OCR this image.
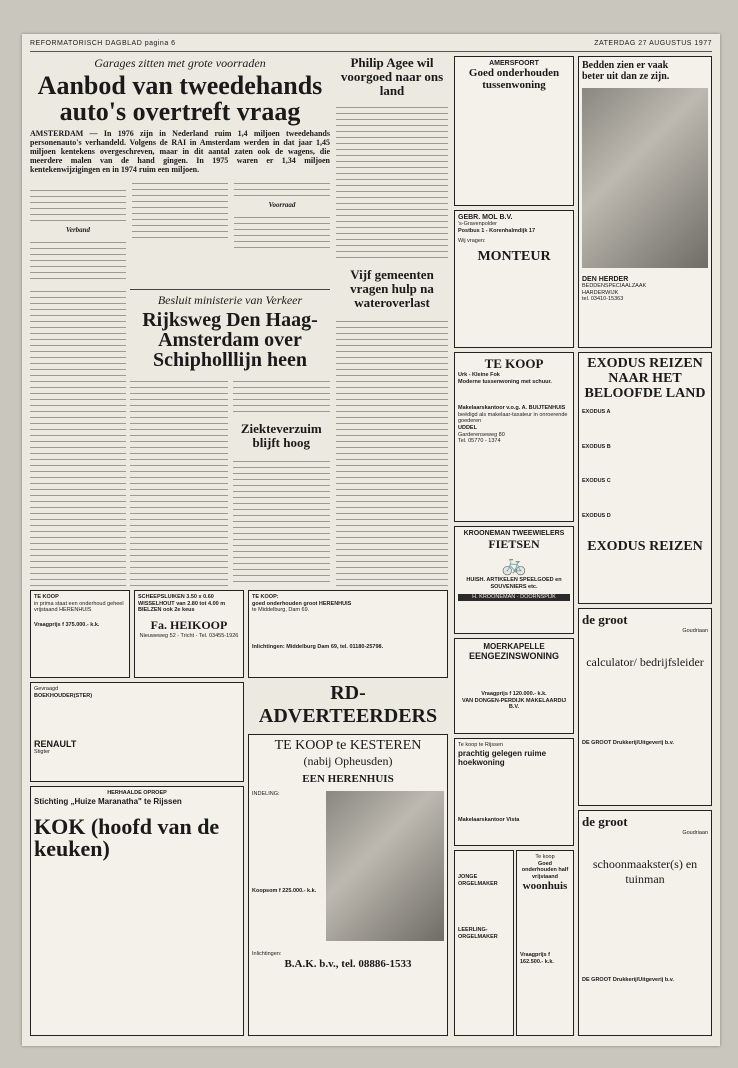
REFORMATORISCH DAGBLAD pagina 6	ZATERDAG 27 AUGUSTUS 1977
Garages zitten met grote voorraden
Aanbod van tweedehands auto's overtreft vraag
AMSTERDAM — In 1976 zijn in Nederland ruim 1,4 miljoen tweedehands personenauto's verhandeld. Volgens de RAI in Amsterdam werden in dat jaar 1,45 miljoen kentekens overgeschreven, maar in dit aantal zaten ook de wagens, die meerdere malen van de hand gingen. In 1975 waren er 1,34 miljoen kentekenwijzigingen en in 1974 ruim een miljoen.

Verband
Voorraad
Besluit ministerie van Verkeer
Rijksweg Den Haag-Amsterdam over Schipholllijn heen
Ziekteverzuim blijft hoog
Philip Agee wil voorgoed naar ons land
Vijf gemeenten vragen hulp na wateroverlast
AMERSFOORT
Goed onderhouden tussenwoning
GEBR. MOL B.V.
's-Gravenpolder
Postbus 1 - Korenhalmdijk 17
Wij vragen:
MONTEUR
Bedden zien er vaak beter uit dan ze zijn.
DEN HERDER
BEDDENSPECIAALZAAK
HARDERWIJK
tel. 03410-15363
TE KOOP
Urk - Kleine Fok
Moderne tussenwoning met schuur.
Makelaarskantoor v.o.g. A. BUIJTENHUIS
beëdigd als makelaar-taxateur in onroerende goederen
UDDEL
Garderenseweg 80
Tel. 05770 - 1374
EXODUS REIZEN NAAR HET BELOOFDE LAND
EXODUS A
EXODUS B
EXODUS C
EXODUS D
EXODUS REIZEN
KROONEMAN TWEEWIELERS
FIETSEN
🚲
HUISH. ARTIKELEN SPEELGOED en SOUVENIERS etc.
H. KROONEMAN - DOORNSPIJK
TE KOOP
in prima staat een onderhoud geheel vrijstaand HERENHUIS
Vraagprijs f 375.000.- k.k.
SCHEEPSLUIKEN 3.50 x 0.60 WISSELHOUT van 2.80 tot 4.00 m BIELZEN ook 2e keus
Fa. HEIKOOP
Nieuweweg 52 - Tricht - Tel. 03455-1926
TE KOOP:
goed onderhouden groot HERENHUIS
te Middelburg, Dam 69.
Inlichtingen: Middelburg Dam 69, tel. 01180-25798.
Gevraagd
BOEKHOUDER(STER)
RENAULT
Stigter
RD-ADVERTEERDERS
HERHAALDE OPROEP
Stichting „Huize Maranatha" te Rijssen
KOK (hoofd van de keuken)
TE KOOP te KESTEREN
(nabij Opheusden)
EEN HERENHUIS
INDELING:
Koopsom f 225.000.- k.k.
Inlichtingen:
B.A.K. b.v., tel. 08886-1533
MOERKAPELLE
EENGEZINSWONING
Vraagprijs f 120.000.- k.k.
VAN DONGEN-PERDIJK MAKELAARDIJ B.V.
de groot
Goudriaan
calculator/ bedrijfsleider
DE GROOT Drukkerij/Uitgeverij b.v.
Te koop te Rijssen
prachtig gelegen ruime hoekwoning
Makelaarskantoor Vista
JONGE ORGELMAKER
LEERLING-ORGELMAKER
Te koop
Goed onderhouden half vrijstaand
woonhuis
Vraagprijs f 162.500.- k.k.
de groot
Goudriaan
schoonmaakster(s) en tuinman
DE GROOT Drukkerij/Uitgeverij b.v.
